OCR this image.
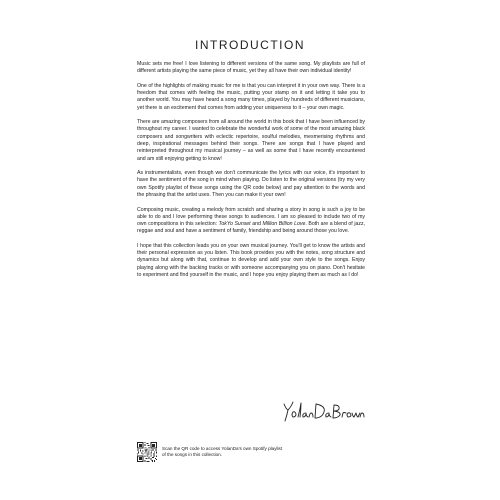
INTRODUCTION

Music sets me free! I love listening to different versions of the same song. My playlists are full of different artists playing the same piece of music, yet they all have their own individual identity!

One of the highlights of making music for me is that you can interpret it in your own way. There is a freedom that comes with feeling the music, putting your stamp on it and letting it take you to another world. You may have heard a song many times, played by hundreds of different musicians, yet there is an excitement that comes from adding your uniqueness to it – your own magic.

There are amazing composers from all around the world in this book that I have been influenced by throughout my career. I wanted to celebrate the wonderful work of some of the most amazing black composers and songwriters with eclectic repertoire, soulful melodies, mesmerising rhythms and deep, inspirational messages behind their songs. There are songs that I have played and reinterpreted throughout my musical journey – as well as some that I have recently encountered and am still enjoying getting to know!

As instrumentalists, even though we don't communicate the lyrics with our voice, it's important to have the sentiment of the song in mind when playing. Do listen to the original versions (try my very own Spotify playlist of these songs using the QR code below) and pay attention to the words and the phrasing that the artist uses. Then you can make it your own!

Composing music, creating a melody from scratch and sharing a story in song is such a joy to be able to do and I love performing these songs to audiences. I am so pleased to include two of my own compositions in this selection: TokYo Sunset and Million Billion Love. Both are a blend of jazz, reggae and soul and have a sentiment of family, friendship and being around those you love.

I hope that this collection leads you on your own musical journey. You'll get to know the artists and their personal expression as you listen. This book provides you with the notes, song structure and dynamics but along with that, continue to develop and add your own style to the songs. Enjoy playing along with the backing tracks or with someone accompanying you on piano. Don't hesitate to experiment and find yourself in the music, and I hope you enjoy playing them as much as I do!

Scan the QR code to access YolanDa's own Spotify playlist
of the songs in this collection.
